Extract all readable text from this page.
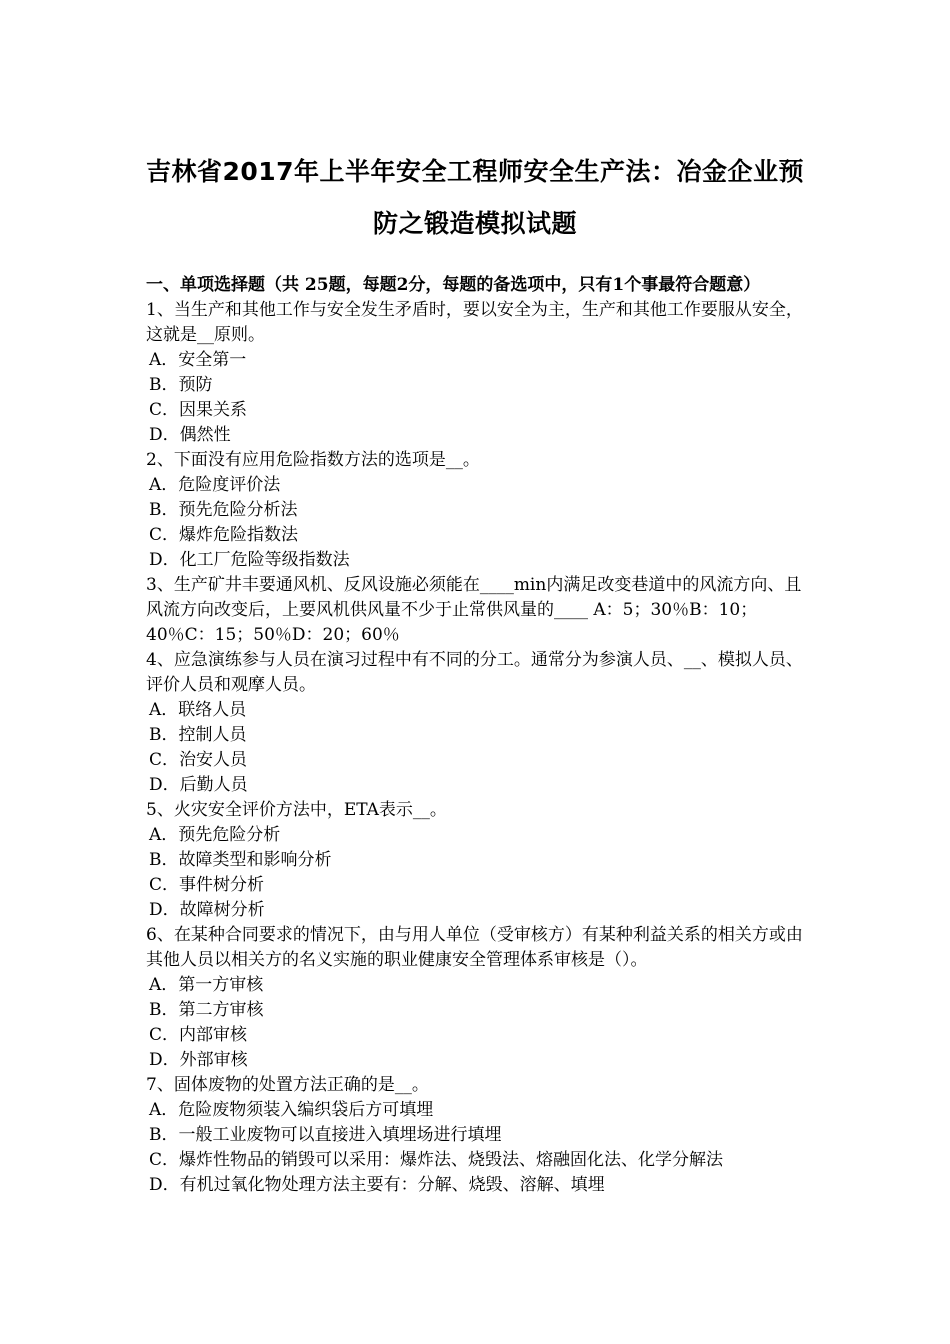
吉林省2017年上半年安全工程师安全生产法：冶金企业预
防之锻造模拟试题

一、单项选择题（共 25题，每题2分，每题的备选项中，只有1个事最符合题意）

1、当生产和其他工作与安全发生矛盾时，要以安全为主，生产和其他工作要服从安全，这就是__原则。

A．安全第一

B．预防

C．因果关系

D．偶然性

2、下面没有应用危险指数方法的选项是__。

A．危险度评价法

B．预先危险分析法

C．爆炸危险指数法

D．化工厂危险等级指数法

3、生产矿井丰要通风机、反风设施必须能在____min内满足改变巷道中的风流方向、且风流方向改变后，上要风机供风量不少于止常供风量的____ A：5；30％B：10；40％C：15；50％D：20；60％

4、应急演练参与人员在演习过程中有不同的分工。通常分为参演人员、__、模拟人员、评价人员和观摩人员。

A．联络人员

B．控制人员

C．治安人员

D．后勤人员

5、火灾安全评价方法中，ETA表示__。

A．预先危险分析

B．故障类型和影响分析

C．事件树分析

D．故障树分析

6、在某种合同要求的情况下，由与用人单位（受审核方）有某种利益关系的相关方或由其他人员以相关方的名义实施的职业健康安全管理体系审核是（）。

A．第一方审核

B．第二方审核

C．内部审核

D．外部审核

7、固体废物的处置方法正确的是__。

A．危险废物须装入编织袋后方可填埋

B．一般工业废物可以直接进入填埋场进行填埋

C．爆炸性物品的销毁可以采用：爆炸法、烧毁法、熔融固化法、化学分解法

D．有机过氧化物处理方法主要有：分解、烧毁、溶解、填埋
